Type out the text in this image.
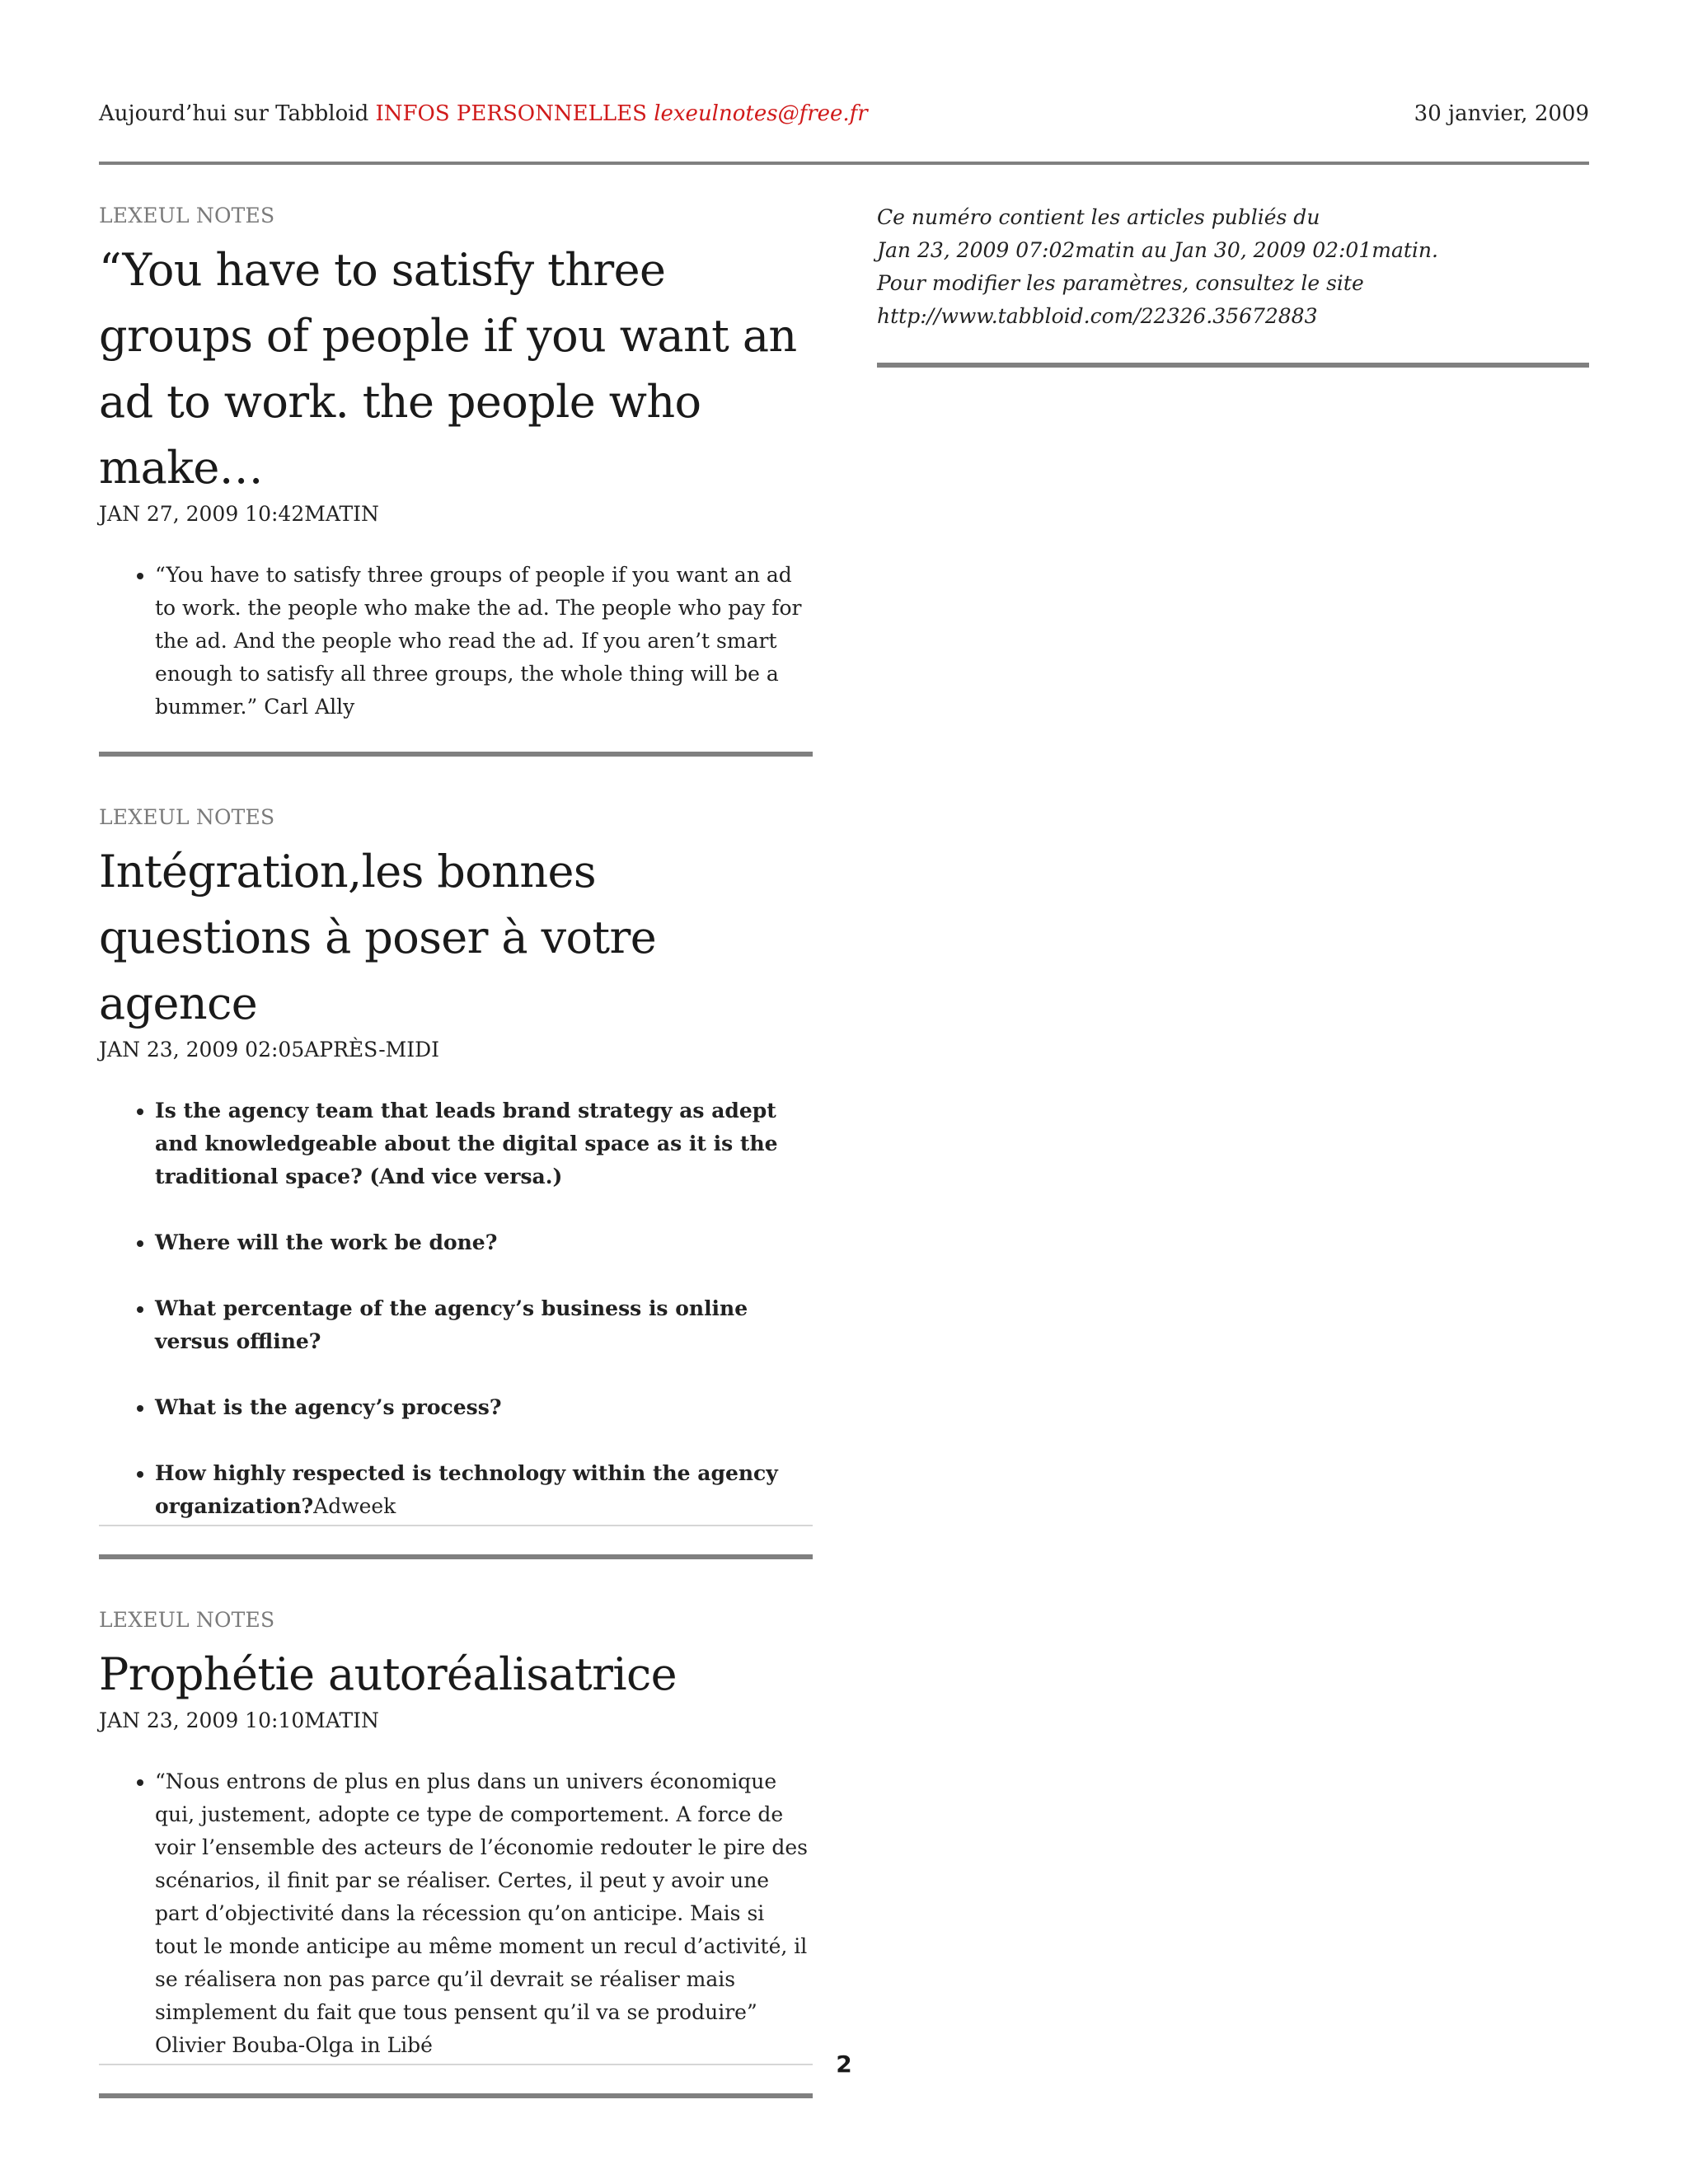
Aujourd’hui sur Tabbloid INFOS PERSONNELLES lexeulnotes@free.fr	30 janvier, 2009
LEXEUL NOTES
“You have to satisfy three groups of people if you want an ad to work. the people who make…
JAN 27, 2009 10:42MATIN
• “You have to satisfy three groups of people if you want an ad to work. the people who make the ad. The people who pay for the ad. And the people who read the ad. If you aren’t smart enough to satisfy all three groups, the whole thing will be a bummer.” Carl Ally
LEXEUL NOTES
Intégration,les bonnes questions à poser à votre agence
JAN 23, 2009 02:05APRÈS-MIDI
• Is the agency team that leads brand strategy as adept and knowledgeable about the digital space as it is the traditional space? (And vice versa.)
• Where will the work be done?
• What percentage of the agency’s business is online versus offline?
• What is the agency’s process?
• How highly respected is technology within the agency organization?Adweek
LEXEUL NOTES
Prophétie autoréalisatrice
JAN 23, 2009 10:10MATIN
• “Nous entrons de plus en plus dans un univers économique qui, justement, adopte ce type de comportement. A force de voir l’ensemble des acteurs de l’économie redouter le pire des scénarios, il finit par se réaliser. Certes, il peut y avoir une part d’objectivité dans la récession qu’on anticipe. Mais si tout le monde anticipe au même moment un recul d’activité, il se réalisera non pas parce qu’il devrait se réaliser mais simplement du fait que tous pensent qu’il va se produire” Olivier Bouba-Olga in Libé
Ce numéro contient les articles publiés du
Jan 23, 2009 07:02matin au Jan 30, 2009 02:01matin.
Pour modifier les paramètres, consultez le site
http://www.tabbloid.com/22326.35672883
2
